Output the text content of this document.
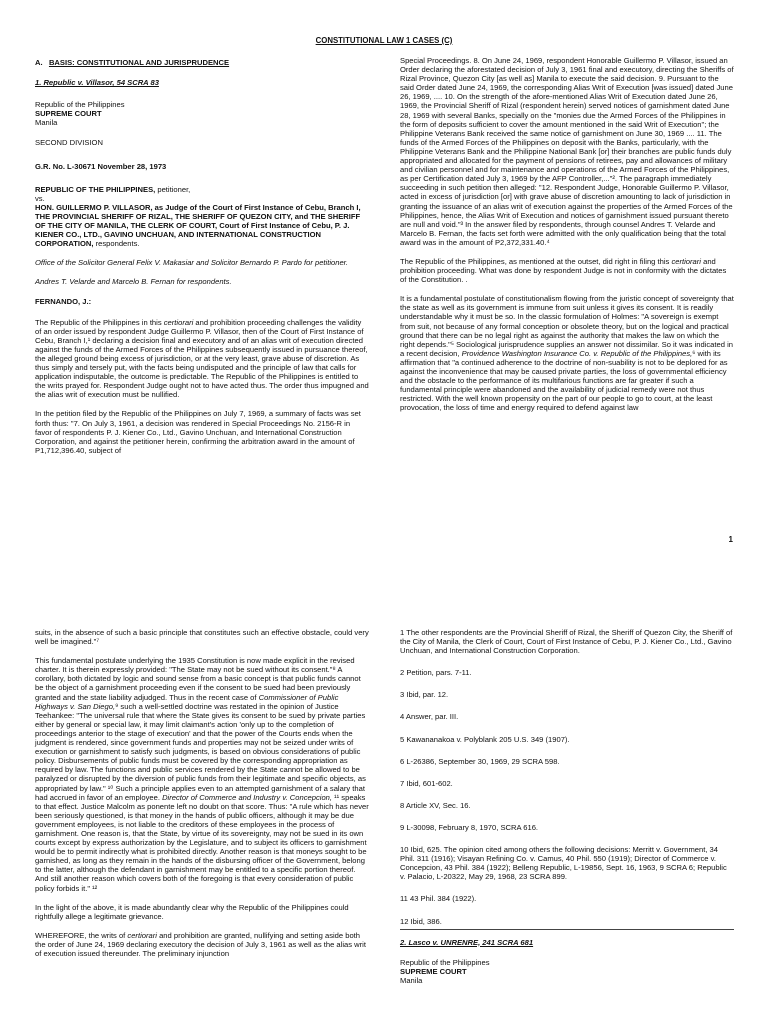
CONSTITUTIONAL LAW 1 CASES (C)
A. BASIS: CONSTITUTIONAL AND JURISPRUDENCE
1. Republic v. Villasor, 54 SCRA 83

Republic of the Philippines

SUPREME COURT

Manila

SECOND DIVISION

G.R. No. L-30671 November 28, 1973

REPUBLIC OF THE PHILIPPINES, petitioner,

vs.

HON. GUILLERMO P. VILLASOR, as Judge of the Court of First Instance of Cebu, Branch I, THE PROVINCIAL SHERIFF OF RIZAL, THE SHERIFF OF QUEZON CITY, and THE SHERIFF OF THE CITY OF MANILA, THE CLERK OF COURT, Court of First Instance of Cebu, P. J. KIENER CO., LTD., GAVINO UNCHUAN, AND INTERNATIONAL CONSTRUCTION CORPORATION, respondents.

Office of the Solicitor General Felix V. Makasiar and Solicitor Bernardo P. Pardo for petitioner.

Andres T. Velarde and Marcelo B. Fernan for respondents.

FERNANDO, J.:

The Republic of the Philippines in this certiorari and prohibition proceeding challenges the validity of an order issued by respondent Judge Guillermo P. Villasor, then of the Court of First Instance of Cebu, Branch I,¹ declaring a decision final and executory and of an alias writ of execution directed against the funds of the Armed Forces of the Philippines subsequently issued in pursuance thereof, the alleged ground being excess of jurisdiction, or at the very least, grave abuse of discretion. As thus simply and tersely put, with the facts being undisputed and the principle of law that calls for application indisputable, the outcome is predictable. The Republic of the Philippines is entitled to the writs prayed for. Respondent Judge ought not to have acted thus. The order thus impugned and the alias writ of execution must be nullified.

In the petition filed by the Republic of the Philippines on July 7, 1969, a summary of facts was set forth thus: "7. On July 3, 1961, a decision was rendered in Special Proceedings No. 2156-R in favor of respondents P. J. Kiener Co., Ltd., Gavino Unchuan, and International Construction Corporation, and against the petitioner herein, confirming the arbitration award in the amount of P1,712,396.40, subject of

Special Proceedings. 8. On June 24, 1969, respondent Honorable Guillermo P. Villasor, issued an Order declaring the aforestated decision of July 3, 1961 final and executory, directing the Sheriffs of Rizal Province, Quezon City [as well as] Manila to execute the said decision. 9. Pursuant to the said Order dated June 24, 1969, the corresponding Alias Writ of Execution [was issued] dated June 26, 1969, .... 10. On the strength of the afore-mentioned Alias Writ of Execution dated June 26, 1969, the Provincial Sheriff of Rizal (respondent herein) served notices of garnishment dated June 28, 1969 with several Banks, specially on the "monies due the Armed Forces of the Philippines in the form of deposits sufficient to cover the amount mentioned in the said Writ of Execution"; the Philippine Veterans Bank received the same notice of garnishment on June 30, 1969 .... 11. The funds of the Armed Forces of the Philippines on deposit with the Banks, particularly, with the Philippine Veterans Bank and the Philippine National Bank [or] their branches are public funds duly appropriated and allocated for the payment of pensions of retirees, pay and allowances of military and civilian personnel and for maintenance and operations of the Armed Forces of the Philippines, as per Certification dated July 3, 1969 by the AFP Controller,..."². The paragraph immediately succeeding in such petition then alleged: "12. Respondent Judge, Honorable Guillermo P. Villasor, acted in excess of jurisdiction [or] with grave abuse of discretion amounting to lack of jurisdiction in granting the issuance of an alias writ of execution against the properties of the Armed Forces of the Philippines, hence, the Alias Writ of Execution and notices of garnishment issued pursuant thereto are null and void."³ In the answer filed by respondents, through counsel Andres T. Velarde and Marcelo B. Fernan, the facts set forth were admitted with the only qualification being that the total award was in the amount of P2,372,331.40.⁴

The Republic of the Philippines, as mentioned at the outset, did right in filing this certiorari and prohibition proceeding. What was done by respondent Judge is not in conformity with the dictates of the Constitution. .

It is a fundamental postulate of constitutionalism flowing from the juristic concept of sovereignty that the state as well as its government is immune from suit unless it gives its consent. It is readily understandable why it must be so. In the classic formulation of Holmes: "A sovereign is exempt from suit, not because of any formal conception or obsolete theory, but on the logical and practical ground that there can be no legal right as against the authority that makes the law on which the right depends."⁵ Sociological jurisprudence supplies an answer not dissimilar. So it was indicated in a recent decision, Providence Washington Insurance Co. v. Republic of the Philippines,⁶ with its affirmation that "a continued adherence to the doctrine of non-suability is not to be deplored for as against the inconvenience that may be caused private parties, the loss of governmental efficiency and the obstacle to the performance of its multifarious functions are far greater if such a fundamental principle were abandoned and the availability of judicial remedy were not thus restricted. With the well known propensity on the part of our people to go to court, at the least provocation, the loss of time and energy required to defend against law

1

suits, in the absence of such a basic principle that constitutes such an effective obstacle, could very well be imagined."⁷

This fundamental postulate underlying the 1935 Constitution is now made explicit in the revised charter. It is therein expressly provided: "The State may not be sued without its consent."⁸ A corollary, both dictated by logic and sound sense from a basic concept is that public funds cannot be the object of a garnishment proceeding even if the consent to be sued had been previously granted and the state liability adjudged. Thus in the recent case of Commissioner of Public Highways v. San Diego,⁹ such a well-settled doctrine was restated in the opinion of Justice Teehankee: "The universal rule that where the State gives its consent to be sued by private parties either by general or special law, it may limit claimant's action 'only up to the completion of proceedings anterior to the stage of execution' and that the power of the Courts ends when the judgment is rendered, since government funds and properties may not be seized under writs of execution or garnishment to satisfy such judgments, is based on obvious considerations of public policy. Disbursements of public funds must be covered by the corresponding appropriation as required by law. The functions and public services rendered by the State cannot be allowed to be paralyzed or disrupted by the diversion of public funds from their legitimate and specific objects, as appropriated by law." ¹⁰ Such a principle applies even to an attempted garnishment of a salary that had accrued in favor of an employee. Director of Commerce and Industry v. Concepcion, ¹¹ speaks to that effect. Justice Malcolm as ponente left no doubt on that score. Thus: "A rule which has never been seriously questioned, is that money in the hands of public officers, although it may be due government employees, is not liable to the creditors of these employees in the process of garnishment. One reason is, that the State, by virtue of its sovereignty, may not be sued in its own courts except by express authorization by the Legislature, and to subject its officers to garnishment would be to permit indirectly what is prohibited directly. Another reason is that moneys sought to be garnished, as long as they remain in the hands of the disbursing officer of the Government, belong to the latter, although the defendant in garnishment may be entitled to a specific portion thereof. And still another reason which covers both of the foregoing is that every consideration of public policy forbids it." ¹²

In the light of the above, it is made abundantly clear why the Republic of the Philippines could rightfully allege a legitimate grievance.

WHEREFORE, the writs of certiorari and prohibition are granted, nullifying and setting aside both the order of June 24, 1969 declaring executory the decision of July 3, 1961 as well as the alias writ of execution issued thereunder. The preliminary injunction

1 The other respondents are the Provincial Sheriff of Rizal, the Sheriff of Quezon City, the Sheriff of the City of Manila, the Clerk of Court, Court of First Instance of Cebu, P. J. Kiener Co., Ltd., Gavino Unchuan, and International Construction Corporation.

2 Petition, pars. 7-11.

3 Ibid, par. 12.

4 Answer, par. III.

5 Kawananakoa v. Polyblank 205 U.S. 349 (1907).

6 L-26386, September 30, 1969, 29 SCRA 598.

7 Ibid, 601-602.

8 Article XV, Sec. 16.

9 L-30098, February 8, 1970, SCRA 616.

10 Ibid, 625. The opinion cited among others the following decisions: Merritt v. Government, 34 Phil. 311 (1916); Visayan Refining Co. v. Camus, 40 Phil. 550 (1919); Director of Commerce v. Concepcion, 43 Phil. 384 (1922); Belleng Republic, L-19856, Sept. 16, 1963, 9 SCRA 6; Republic v. Palacio, L-20322, May 29, 1968, 23 SCRA 899.

11 43 Phil. 384 (1922).

12 Ibid, 386.

2. Lasco v. UNRENRE, 241 SCRA 681

Republic of the Philippines

SUPREME COURT

Manila
